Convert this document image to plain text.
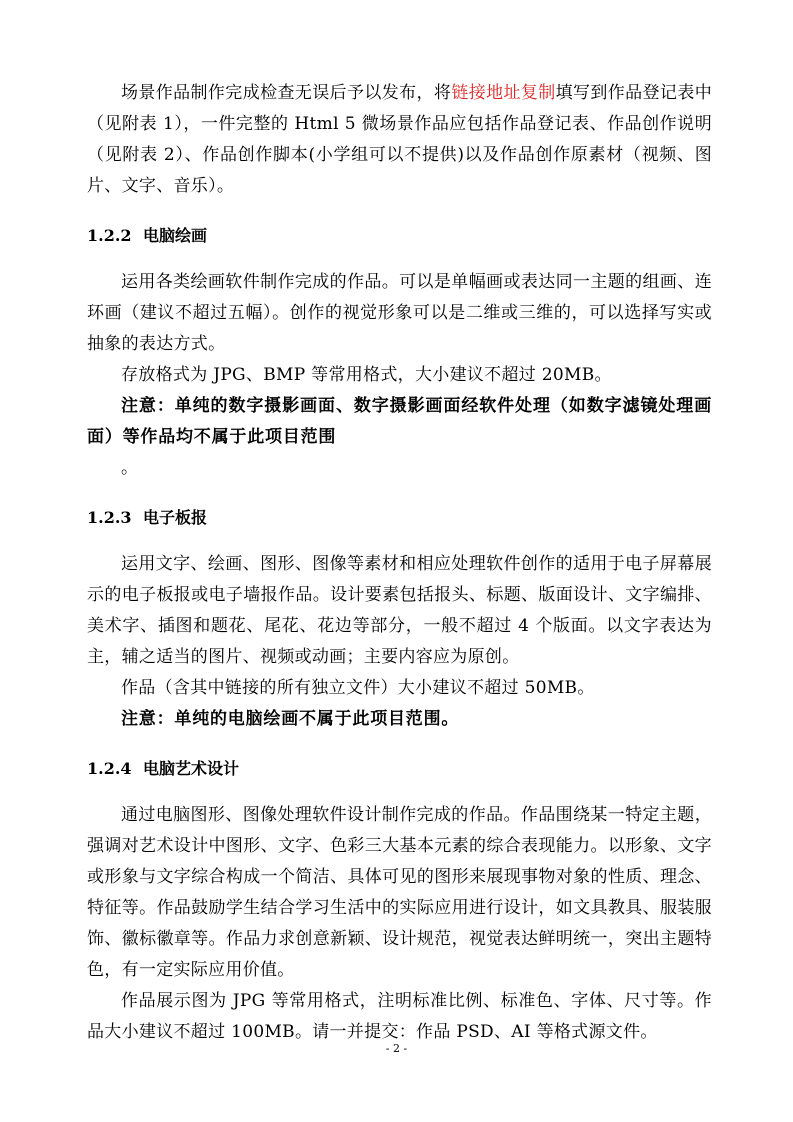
场景作品制作完成检查无误后予以发布，将链接地址复制填写到作品登记表中（见附表 1），一件完整的 Html 5 微场景作品应包括作品登记表、作品创作说明（见附表 2）、作品创作脚本(小学组可以不提供)以及作品创作原素材（视频、图片、文字、音乐）。

1.2.2 电脑绘画

运用各类绘画软件制作完成的作品。可以是单幅画或表达同一主题的组画、连环画（建议不超过五幅）。创作的视觉形象可以是二维或三维的，可以选择写实或抽象的表达方式。

存放格式为 JPG、BMP 等常用格式，大小建议不超过 20MB。

注意：单纯的数字摄影画面、数字摄影画面经软件处理（如数字滤镜处理画面）等作品均不属于此项目范围

。

1.2.3 电子板报

运用文字、绘画、图形、图像等素材和相应处理软件创作的适用于电子屏幕展示的电子板报或电子墙报作品。设计要素包括报头、标题、版面设计、文字编排、美术字、插图和题花、尾花、花边等部分，一般不超过 4 个版面。以文字表达为主，辅之适当的图片、视频或动画；主要内容应为原创。

作品（含其中链接的所有独立文件）大小建议不超过 50MB。

注意：单纯的电脑绘画不属于此项目范围。

1.2.4 电脑艺术设计

通过电脑图形、图像处理软件设计制作完成的作品。作品围绕某一特定主题，强调对艺术设计中图形、文字、色彩三大基本元素的综合表现能力。以形象、文字或形象与文字综合构成一个简洁、具体可见的图形来展现事物对象的性质、理念、特征等。作品鼓励学生结合学习生活中的实际应用进行设计，如文具教具、服装服饰、徽标徽章等。作品力求创意新颖、设计规范，视觉表达鲜明统一，突出主题特色，有一定实际应用价值。

作品展示图为 JPG 等常用格式，注明标准比例、标准色、字体、尺寸等。作品大小建议不超过 100MB。请一并提交：作品 PSD、AI 等格式源文件。

- 2 -
